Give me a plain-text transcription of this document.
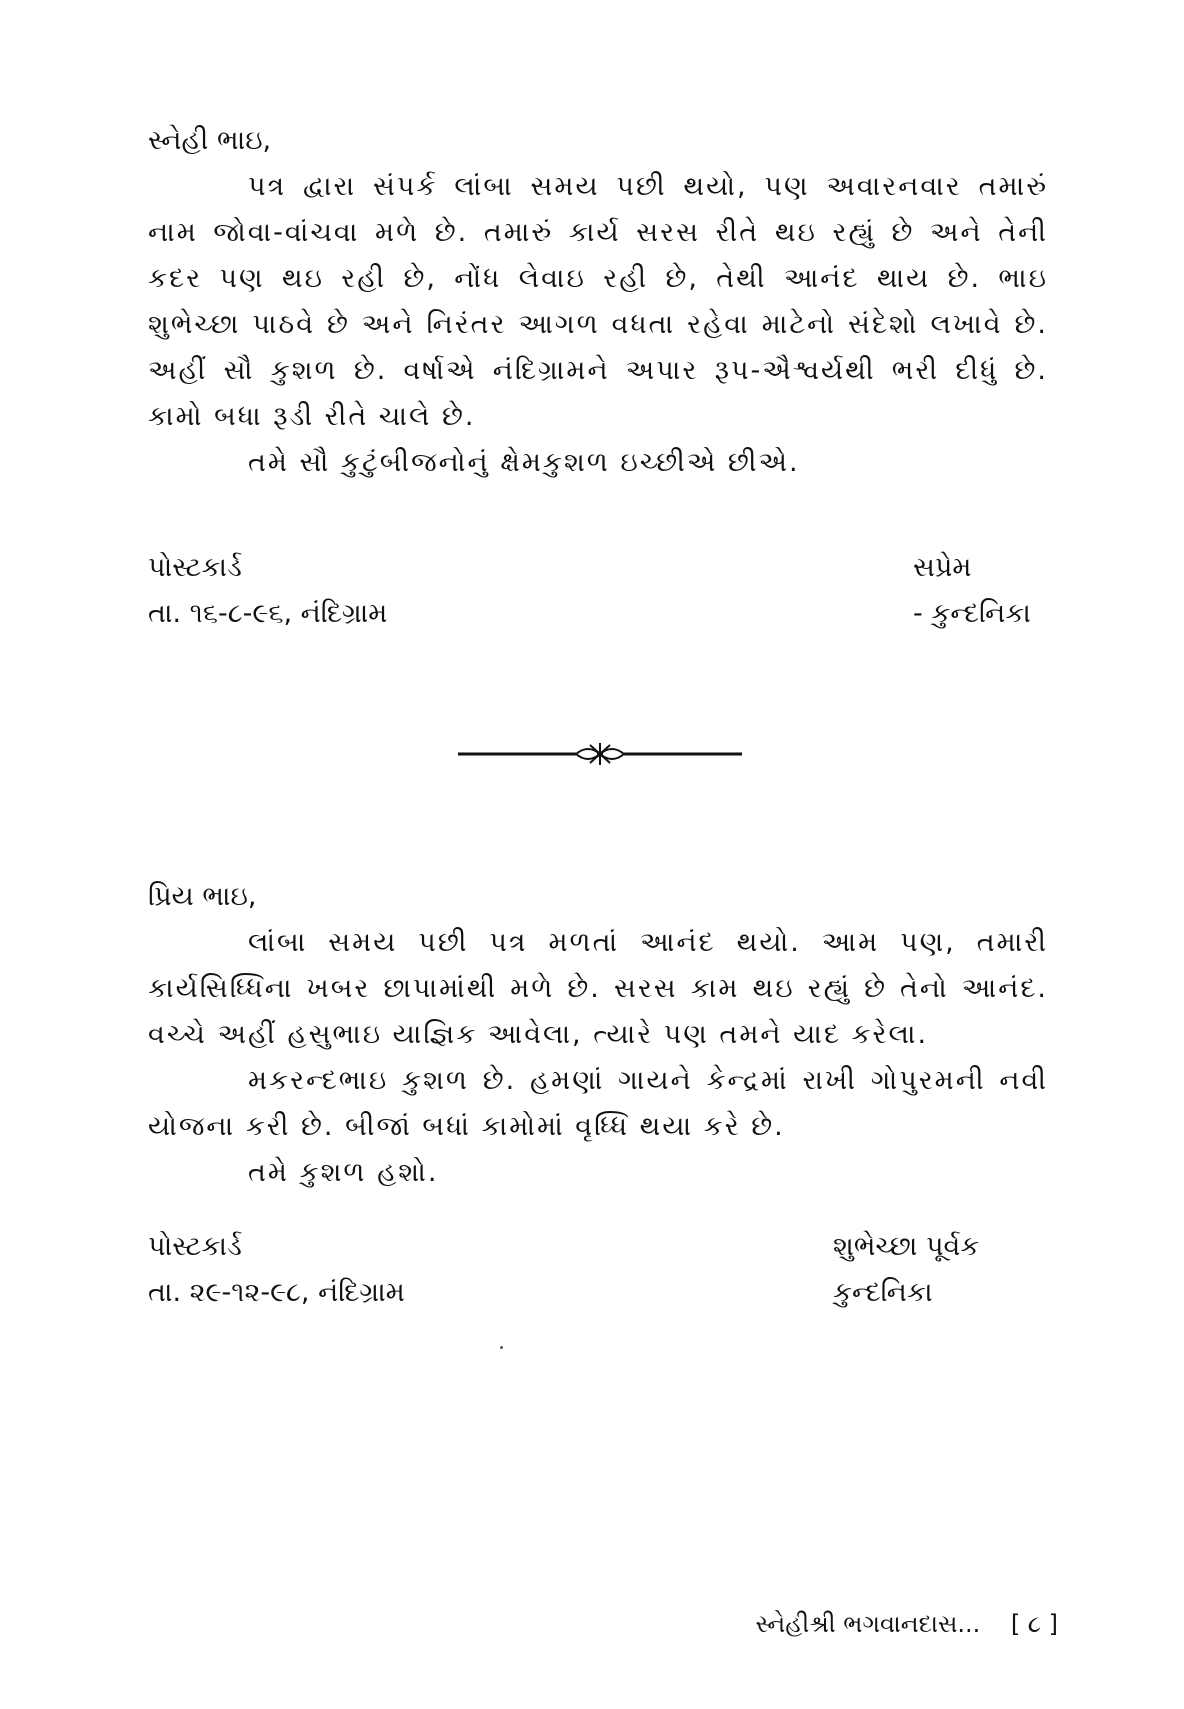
સ્નેહી ભાઇ,

પત્ર દ્વારા સંપર્ક લાંબા સમય પછી થયો, પણ અવારનવાર તમારું નામ જોવા-વાંચવા મળે છે. તમારું કાર્ય સરસ રીતે થઇ રહ્યું છે અને તેની કદર પણ થઇ રહી છે, નોંધ લેવાઇ રહી છે, તેથી આનંદ થાય છે. ભાઇ શુભેચ્છા પાઠવે છે અને નિરંતર આગળ વધતા રહેવા માટેનો સંદેશો લખાવે છે. અહીં સૌ કુશળ છે. વર્ષાએ નંદિગ્રામને અપાર રૂપ-ઐશ્વર્યથી ભરી દીધું છે. કામો બધા રૂડી રીતે ચાલે છે.

તમે સૌ કુટુંબીજનોનું ક્ષેમકુશળ ઇચ્છીએ છીએ.

પોસ્ટકાર્ડ	સપ્રેમ
તા. ૧૬-૮-૯૬, નંદિગ્રામ	- કુન્દનિકા

પ્રિય ભાઇ,

લાંબા સમય પછી પત્ર મળતાં આનંદ થયો. આમ પણ, તમારી કાર્યસિધ્ધિના ખબર છાપામાંથી મળે છે. સરસ કામ થઇ રહ્યું છે તેનો આનંદ. વચ્ચે અહીં હસુભાઇ યાજ્ઞિક આવેલા, ત્યારે પણ તમને યાદ કરેલા.

મકરન્દભાઇ કુશળ છે. હમણાં ગાયને કેન્દ્રમાં રાખી ગોપુરમની નવી યોજના કરી છે. બીજાં બધાં કામોમાં વૃધ્ધિ થયા કરે છે.

તમે કુશળ હશો.

પોસ્ટકાર્ડ	શુભેચ્છા પૂર્વક
તા. ૨૯-૧૨-૯૮, નંદિગ્રામ	કુન્દનિકા
સ્નેહીશ્રી ભગવાનદાસ... [ ૮ ]
